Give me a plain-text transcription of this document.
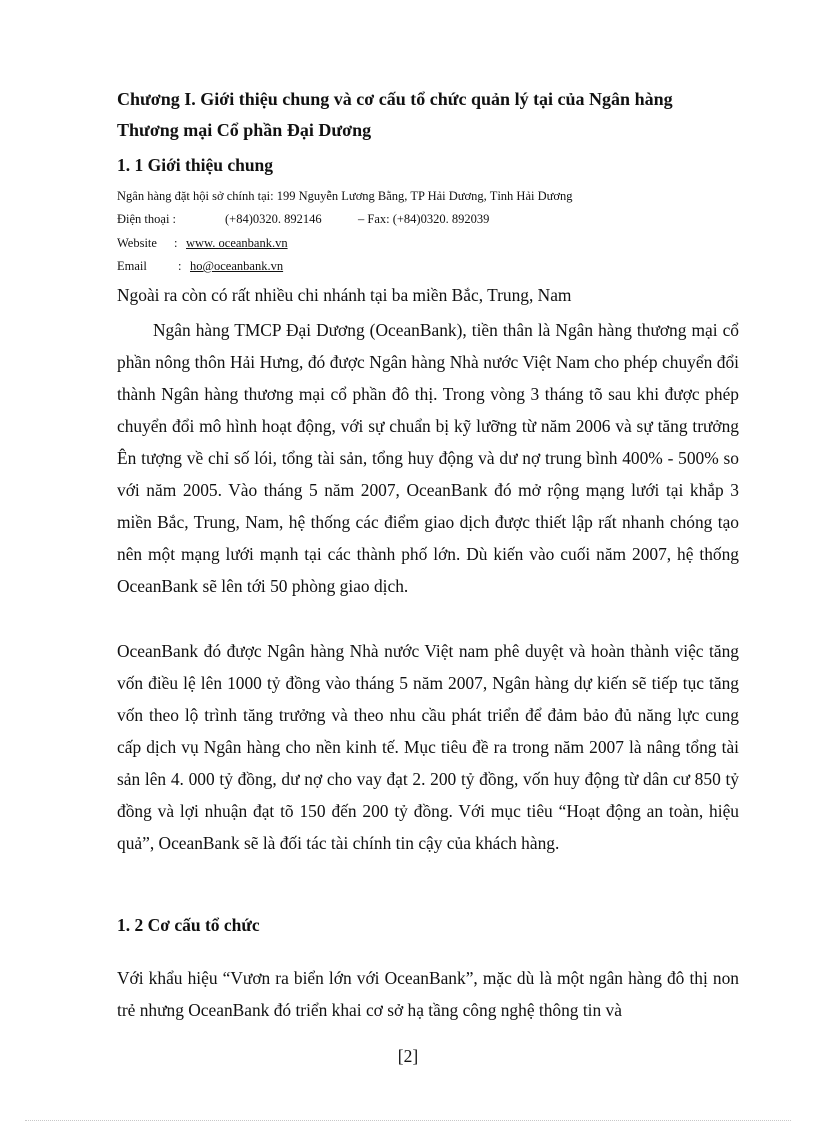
Chương I. Giới thiệu chung và cơ cấu tổ chức quản lý tại của Ngân hàng
Thương mại Cổ phần Đại Dương
1. 1 Giới thiệu chung
Ngân hàng đặt hội sở chính tại: 199 Nguyễn Lương Bằng, TP Hải Dương, Tỉnh Hải Dương
Điện thoại :	(+84)0320. 892146	– Fax: (+84)0320. 892039
Website : www. oceanbank.vn
Email : ho@oceanbank.vn

Ngoài ra còn có rất nhiều chi nhánh tại ba miền Bắc, Trung, Nam

Ngân hàng TMCP Đại Dương (OceanBank), tiền thân là Ngân hàng thương mại cổ phần nông thôn Hải Hưng, đó được Ngân hàng Nhà nước Việt Nam cho phép chuyển đổi thành Ngân hàng thương mại cổ phần đô thị. Trong vòng 3 tháng tõ sau khi được phép chuyển đổi mô hình hoạt động, với sự chuẩn bị kỹ lưỡng từ năm 2006 và sự tăng trưởng Ên tượng về chỉ số lói, tổng tài sản, tổng huy động và dư nợ trung bình 400% - 500% so với năm 2005. Vào tháng 5 năm 2007, OceanBank đó mở rộng mạng lưới tại khắp 3 miền Bắc, Trung, Nam, hệ thống các điểm giao dịch được thiết lập rất nhanh chóng tạo nên một mạng lưới mạnh tại các thành phố lớn. Dù kiến vào cuối năm 2007, hệ thống OceanBank sẽ lên tới 50 phòng giao dịch.

OceanBank đó được Ngân hàng Nhà nước Việt nam phê duyệt và hoàn thành việc tăng vốn điều lệ lên 1000 tỷ đồng vào tháng 5 năm 2007, Ngân hàng dự kiến sẽ tiếp tục tăng vốn theo lộ trình tăng trưởng và theo nhu cầu phát triển để đảm bảo đủ năng lực cung cấp dịch vụ Ngân hàng cho nền kinh tế. Mục tiêu đề ra trong năm 2007 là nâng tổng tài sản lên 4. 000 tỷ đồng, dư nợ cho vay đạt 2. 200 tỷ đồng, vốn huy động từ dân cư 850 tỷ đồng và lợi nhuận đạt tõ 150 đến 200 tỷ đồng. Với mục tiêu “Hoạt động an toàn, hiệu quả”, OceanBank sẽ là đối tác tài chính tin cậy của khách hàng.

1. 2 Cơ cấu tổ chức

Với khẩu hiệu “Vươn ra biển lớn với OceanBank”, mặc dù là một ngân hàng đô thị non trẻ nhưng OceanBank đó triển khai cơ sở hạ tầng công nghệ thông tin và

[2]
